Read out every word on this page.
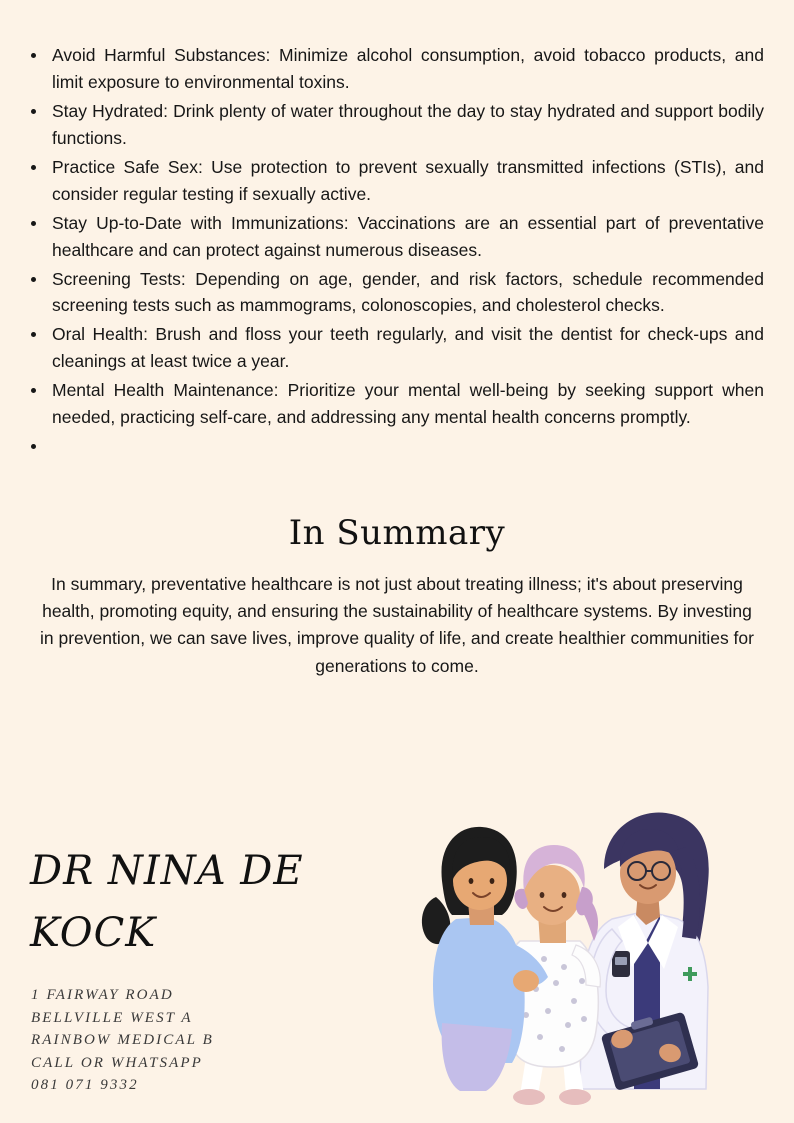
Avoid Harmful Substances: Minimize alcohol consumption, avoid tobacco products, and limit exposure to environmental toxins.
Stay Hydrated: Drink plenty of water throughout the day to stay hydrated and support bodily functions.
Practice Safe Sex: Use protection to prevent sexually transmitted infections (STIs), and consider regular testing if sexually active.
Stay Up-to-Date with Immunizations: Vaccinations are an essential part of preventative healthcare and can protect against numerous diseases.
Screening Tests: Depending on age, gender, and risk factors, schedule recommended screening tests such as mammograms, colonoscopies, and cholesterol checks.
Oral Health: Brush and floss your teeth regularly, and visit the dentist for check-ups and cleanings at least twice a year.
Mental Health Maintenance: Prioritize your mental well-being by seeking support when needed, practicing self-care, and addressing any mental health concerns promptly.
In Summary

In summary, preventative healthcare is not just about treating illness; it's about preserving health, promoting equity, and ensuring the sustainability of healthcare systems. By investing in prevention, we can save lives, improve quality of life, and create healthier communities for generations to come.

DR NINA DE KOCK
1 FAIRWAY ROAD
BELLVILLE WEST A
RAINBOW MEDICAL B
CALL OR WHATSAPP
081 071 9332
